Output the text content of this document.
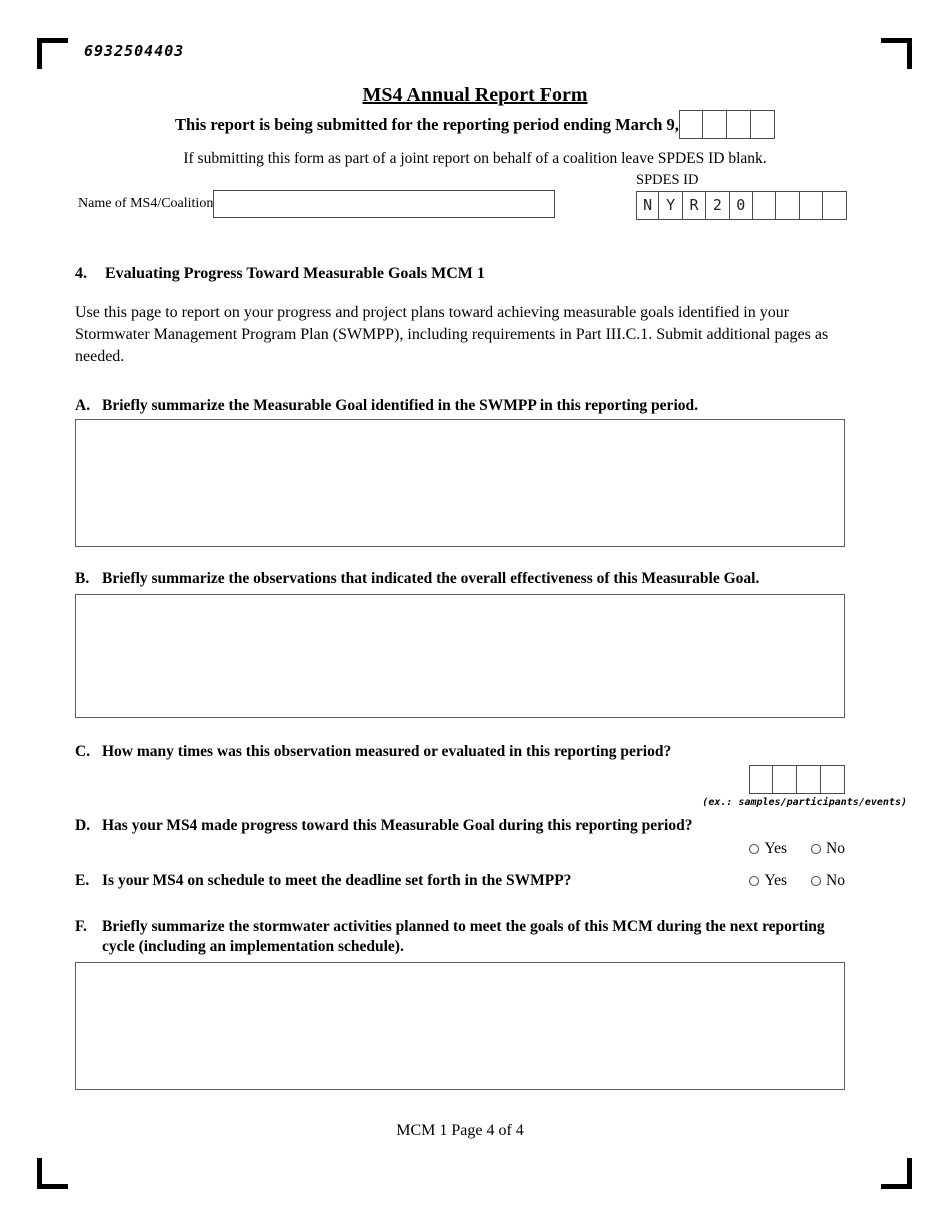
6932504403
MS4 Annual Report Form
This report is being submitted for the reporting period ending March 9,
If submitting this form as part of a joint report on behalf of a coalition leave SPDES ID blank.
Name of MS4/Coalition
SPDES ID
N Y R 2 0
4.	Evaluating Progress Toward Measurable Goals MCM 1
Use this page to report on your progress and project plans toward achieving measurable goals identified in your Stormwater Management Program Plan (SWMPP), including requirements in Part III.C.1. Submit additional pages as needed.
A. Briefly summarize the Measurable Goal identified in the SWMPP in this reporting period.
B. Briefly summarize the observations that indicated the overall effectiveness of this Measurable Goal.
C. How many times was this observation measured or evaluated in this reporting period?
(ex.: samples/participants/events)
D. Has your MS4 made progress toward this Measurable Goal during this reporting period?
Yes	No
E. Is your MS4 on schedule to meet the deadline set forth in the SWMPP?	Yes	No
F. Briefly summarize the stormwater activities planned to meet the goals of this MCM during the next reporting cycle (including an implementation schedule).
MCM 1 Page 4 of 4
